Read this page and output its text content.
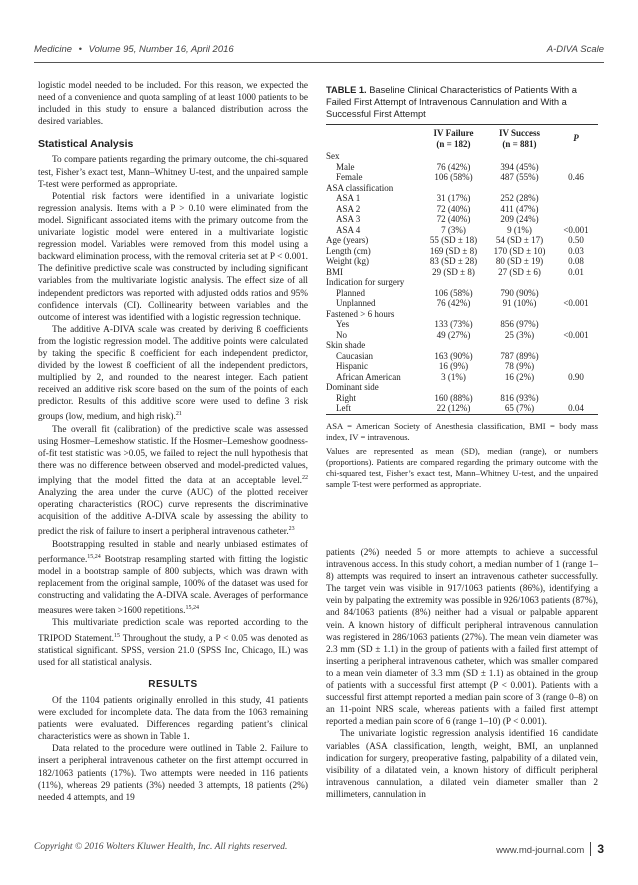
Medicine • Volume 95, Number 16, April 2016	A-DIVA Scale

logistic model needed to be included. For this reason, we expected the need of a convenience and quota sampling of at least 1000 patients to be included in this study to ensure a balanced distribution across the desired variables.

Statistical Analysis

To compare patients regarding the primary outcome, the chi-squared test, Fisher’s exact test, Mann–Whitney U-test, and the unpaired sample T-test were performed as appropriate.

Potential risk factors were identified in a univariate logistic regression analysis. Items with a P > 0.10 were eliminated from the model. Significant associated items with the primary outcome from the univariate logistic model were entered in a multivariate logistic regression model. Variables were removed from this model using a backward elimination process, with the removal criteria set at P < 0.001. The definitive predictive scale was constructed by including significant variables from the multivariate logistic analysis. The effect size of all independent predictors was reported with adjusted odds ratios and 95% confidence intervals (CI). Collinearity between variables and the outcome of interest was identified with a logistic regression technique.

The additive A-DIVA scale was created by deriving ß coefficients from the logistic regression model. The additive points were calculated by taking the specific ß coefficient for each independent predictor, divided by the lowest ß coefficient of all the independent predictors, multiplied by 2, and rounded to the nearest integer. Each patient received an additive risk score based on the sum of the points of each predictor. Results of this additive score were used to define 3 risk groups (low, medium, and high risk).$^{21}$

The overall fit (calibration) of the predictive scale was assessed using Hosmer–Lemeshow statistic. If the Hosmer–Lemeshow goodness-of-fit test statistic was >0.05, we failed to reject the null hypothesis that there was no difference between observed and model-predicted values, implying that the model fitted the data at an acceptable level.$^{22}$ Analyzing the area under the curve (AUC) of the plotted receiver operating characteristics (ROC) curve represents the discriminative acquisition of the additive A-DIVA scale by assessing the ability to predict the risk of failure to insert a peripheral intravenous catheter.$^{23}$

Bootstrapping resulted in stable and nearly unbiased estimates of performance.$^{15,24}$ Bootstrap resampling started with fitting the logistic model in a bootstrap sample of 800 subjects, which was drawn with replacement from the original sample, 100% of the dataset was used for constructing and validating the A-DIVA scale. Averages of performance measures were taken >1600 repetitions.$^{15,24}$

This multivariate prediction scale was reported according to the TRIPOD Statement.$^{15}$ Throughout the study, a P < 0.05 was denoted as statistical significant. SPSS, version 21.0 (SPSS Inc, Chicago, IL) was used for all statistical analysis.

RESULTS

Of the 1104 patients originally enrolled in this study, 41 patients were excluded for incomplete data. The data from the 1063 remaining patients were evaluated. Differences regarding patient’s clinical characteristics were as shown in Table 1.

Data related to the procedure were outlined in Table 2. Failure to insert a peripheral intravenous catheter on the first attempt occurred in 182/1063 patients (17%). Two attempts were needed in 116 patients (11%), whereas 29 patients (3%) needed 3 attempts, 18 patients (2%) needed 4 attempts, and 19

TABLE 1. Baseline Clinical Characteristics of Patients With a Failed First Attempt of Intravenous Cannulation and With a Successful First Attempt

	IV Failure
(n = 182)	IV Success
(n = 881)	P
Sex			
Male	76 (42%)	394 (45%)	
Female	106 (58%)	487 (55%)	0.46
ASA classification			
ASA 1	31 (17%)	252 (28%)	
ASA 2	72 (40%)	411 (47%)	
ASA 3	72 (40%)	209 (24%)	
ASA 4	7 (3%)	9 (1%)	<0.001
Age (years)	55 (SD ± 18)	54 (SD ± 17)	0.50
Length (cm)	169 (SD ± 8)	170 (SD ± 10)	0.03
Weight (kg)	83 (SD ± 28)	80 (SD ± 19)	0.08
BMI	29 (SD ± 8)	27 (SD ± 6)	0.01
Indication for surgery			
Planned	106 (58%)	790 (90%)	
Unplanned	76 (42%)	91 (10%)	<0.001
Fastened > 6 hours			
Yes	133 (73%)	856 (97%)	
No	49 (27%)	25 (3%)	<0.001
Skin shade			
Caucasian	163 (90%)	787 (89%)	
Hispanic	16 (9%)	78 (9%)	
African American	3 (1%)	16 (2%)	0.90
Dominant side			
Right	160 (88%)	816 (93%)	
Left	22 (12%)	65 (7%)	0.04

ASA = American Society of Anesthesia classification, BMI = body mass index, IV = intravenous.

Values are represented as mean (SD), median (range), or numbers (proportions). Patients are compared regarding the primary outcome with the chi-squared test, Fisher’s exact test, Mann–Whitney U-test, and the unpaired sample T-test were performed as appropriate.

patients (2%) needed 5 or more attempts to achieve a successful intravenous access. In this study cohort, a median number of 1 (range 1–8) attempts was required to insert an intravenous catheter successfully. The target vein was visible in 917/1063 patients (86%), identifying a vein by palpating the extremity was possible in 926/1063 patients (87%), and 84/1063 patients (8%) neither had a visual or palpable apparent vein. A known history of difficult peripheral intravenous cannulation was registered in 286/1063 patients (27%). The mean vein diameter was 2.3 mm (SD ± 1.1) in the group of patients with a failed first attempt of inserting a peripheral intravenous catheter, which was smaller compared to a mean vein diameter of 3.3 mm (SD ± 1.1) as obtained in the group of patients with a successful first attempt (P < 0.001). Patients with a successful first attempt reported a median pain score of 3 (range 0–8) on an 11-point NRS scale, whereas patients with a failed first attempt reported a median pain score of 6 (range 1–10) (P < 0.001).

The univariate logistic regression analysis identified 16 candidate variables (ASA classification, length, weight, BMI, an unplanned indication for surgery, preoperative fasting, palpability of a dilated vein, visibility of a dilatated vein, a known history of difficult peripheral intravenous cannulation, a dilated vein diameter smaller than 2 millimeters, cannulation in

Copyright © 2016 Wolters Kluwer Health, Inc. All rights reserved.	www.md-journal.com 3
